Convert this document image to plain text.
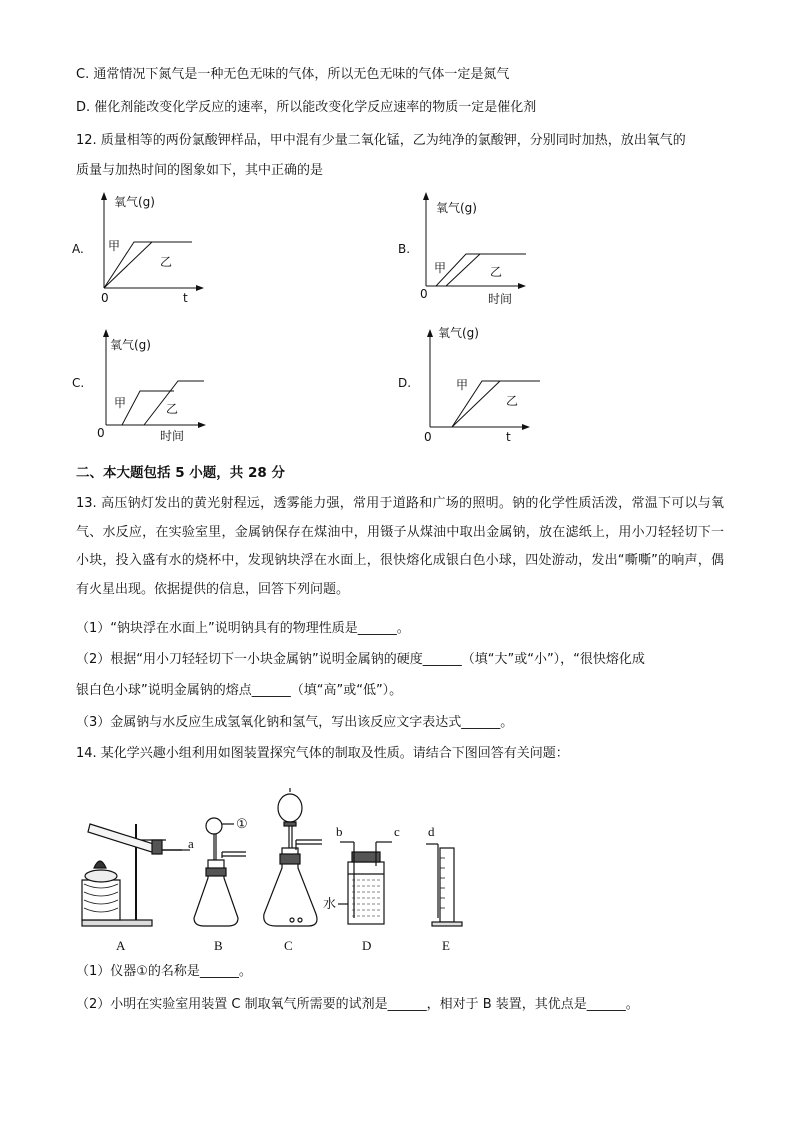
C. 通常情况下氮气是一种无色无味的气体，所以无色无味的气体一定是氮气
D. 催化剂能改变化学反应的速率，所以能改变化学反应速率的物质一定是催化剂
12. 质量相等的两份氯酸钾样品，甲中混有少量二氧化锰，乙为纯净的氯酸钾，分别同时加热，放出氧气的
质量与加热时间的图象如下，其中正确的是
A.
氧气(g)
0	t
甲
乙
B.
氧气(g)
0	时间
甲	乙
C.
氧气(g)
0	时间
甲	乙
D.
氧气(g)
0	t
甲
乙
二、本大题包括 5 小题，共 28 分
13. 高压钠灯发出的黄光射程远，透雾能力强，常用于道路和广场的照明。钠的化学性质活泼，常温下可以与氧气、水反应，在实验室里，金属钠保存在煤油中，用镊子从煤油中取出金属钠，放在滤纸上，用小刀轻轻切下一小块，投入盛有水的烧杯中，发现钠块浮在水面上，很快熔化成银白色小球，四处游动，发出“嘶嘶”的响声，偶有火星出现。依据提供的信息，回答下列问题。
（1）“钠块浮在水面上”说明钠具有的物理性质是______。
（2）根据“用小刀轻轻切下一小块金属钠”说明金属钠的硬度______（填“大”或“小”），“很快熔化成
银白色小球”说明金属钠的熔点______（填“高”或“低”）。
（3）金属钠与水反应生成氢氧化钠和氢气，写出该反应文字表达式______。
14. 某化学兴趣小组利用如图装置探究气体的制取及性质。请结合下图回答有关问题：
a
①
水
b	c d
A	B	C	D	E
（1）仪器①的名称是______。
（2）小明在实验室用装置 C 制取氧气所需要的试剂是______，相对于 B 装置，其优点是______。
